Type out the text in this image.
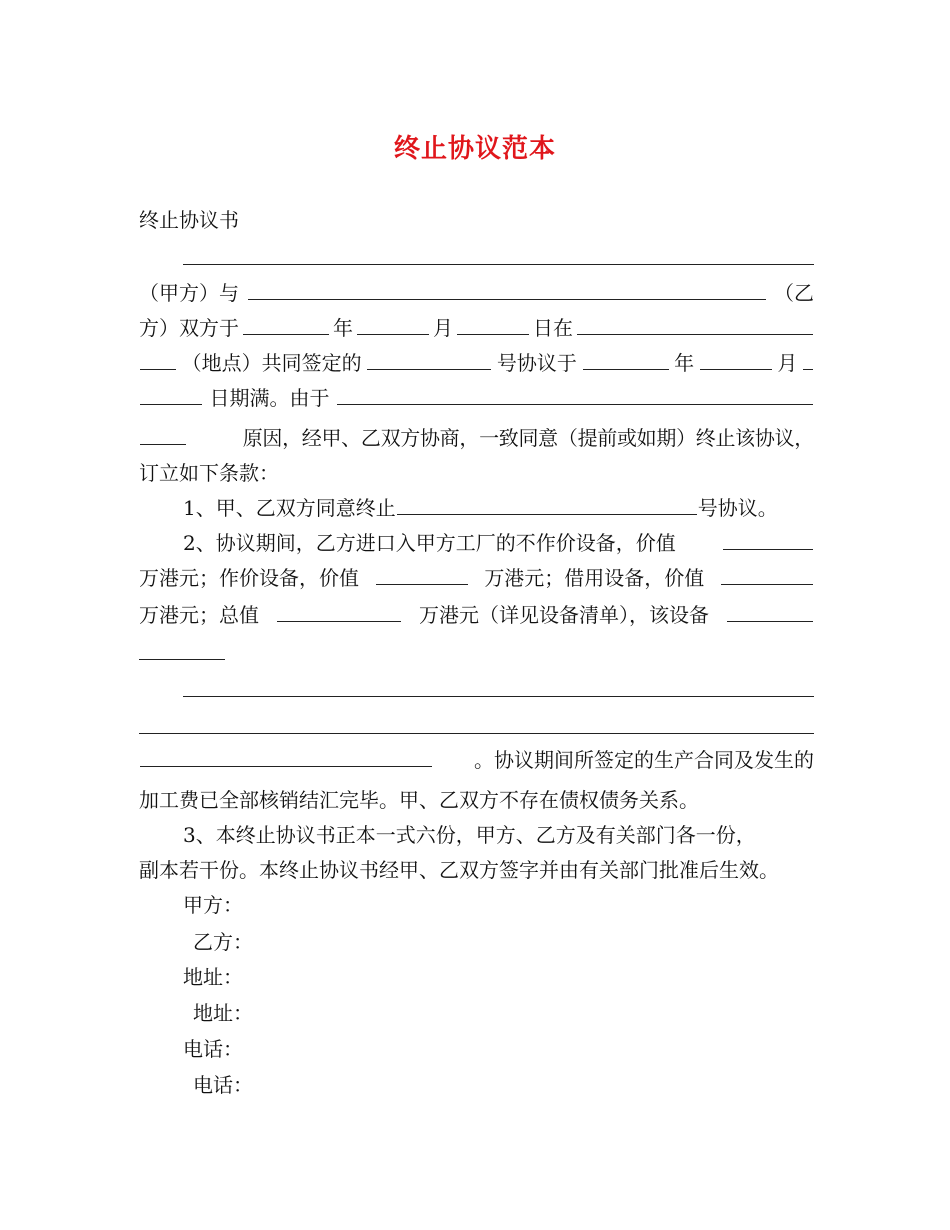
终止协议范本
终止协议书
（甲方）与	（乙
方）双方于	年	月	日在
（地点）共同签定的	号协议于	年	月
日期满。由于
原因，经甲、乙双方协商，一致同意（提前或如期）终止该协议，
订立如下条款：
1、甲、乙双方同意终止	号协议。
2、协议期间，乙方进口入甲方工厂的不作价设备，价值
万港元；作价设备，价值	万港元；借用设备，价值
万港元；总值	万港元（详见设备清单），该设备
。协议期间所签定的生产合同及发生的
加工费已全部核销结汇完毕。甲、乙双方不存在债权债务关系。
3、本终止协议书正本一式六份，甲方、乙方及有关部门各一份，
副本若干份。本终止协议书经甲、乙双方签字并由有关部门批准后生效。
甲方：
乙方：
地址：
地址：
电话：
电话：
